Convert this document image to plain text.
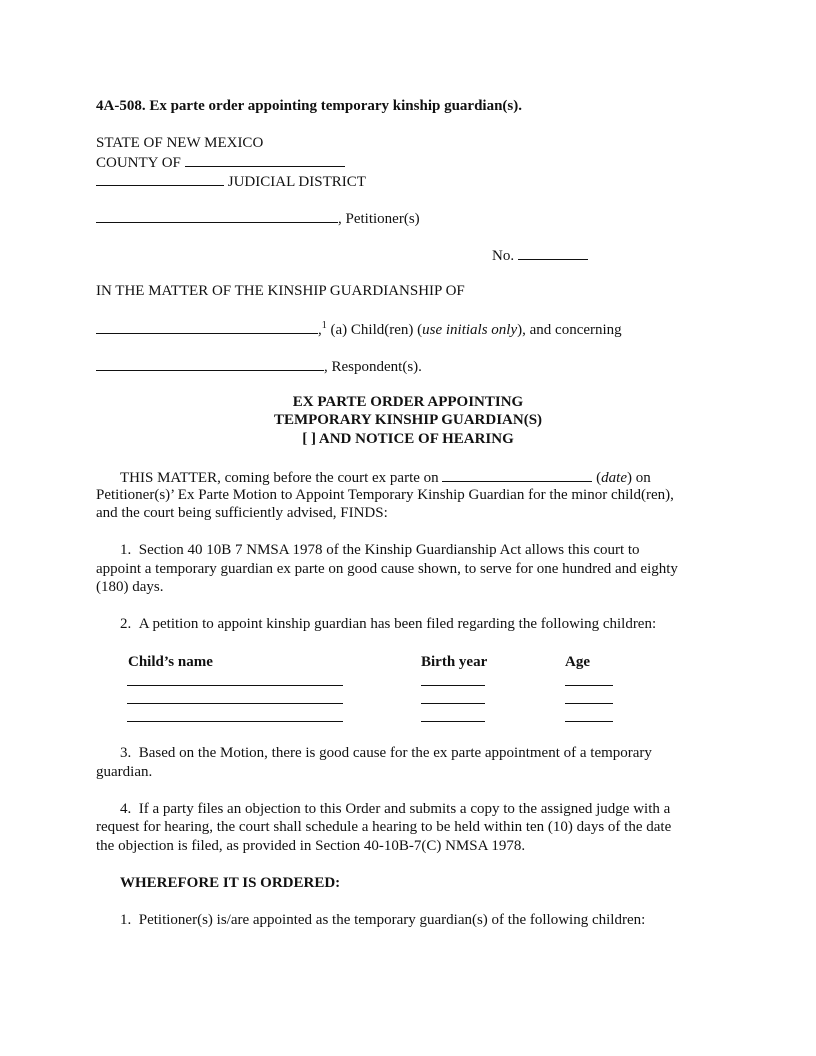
4A-508. Ex parte order appointing temporary kinship guardian(s).
STATE OF NEW MEXICO
COUNTY OF
JUDICIAL DISTRICT
, Petitioner(s)
No.
IN THE MATTER OF THE KINSHIP GUARDIANSHIP OF
,$^1$ (a) Child(ren) (use initials only), and concerning
, Respondent(s).
EX PARTE ORDER APPOINTING
TEMPORARY KINSHIP GUARDIAN(S)
[ ] AND NOTICE OF HEARING
THIS MATTER, coming before the court ex parte on	(date) on
Petitioner(s)’ Ex Parte Motion to Appoint Temporary Kinship Guardian for the minor child(ren),
and the court being sufficiently advised, FINDS:
1. Section 40 10B 7 NMSA 1978 of the Kinship Guardianship Act allows this court to
appoint a temporary guardian ex parte on good cause shown, to serve for one hundred and eighty
(180) days.
2. A petition to appoint kinship guardian has been filed regarding the following children:
Child’s name	Birth year	Age
3. Based on the Motion, there is good cause for the ex parte appointment of a temporary
guardian.
4. If a party files an objection to this Order and submits a copy to the assigned judge with a
request for hearing, the court shall schedule a hearing to be held within ten (10) days of the date
the objection is filed, as provided in Section 40-10B-7(C) NMSA 1978.
WHEREFORE IT IS ORDERED:
1. Petitioner(s) is/are appointed as the temporary guardian(s) of the following children:
